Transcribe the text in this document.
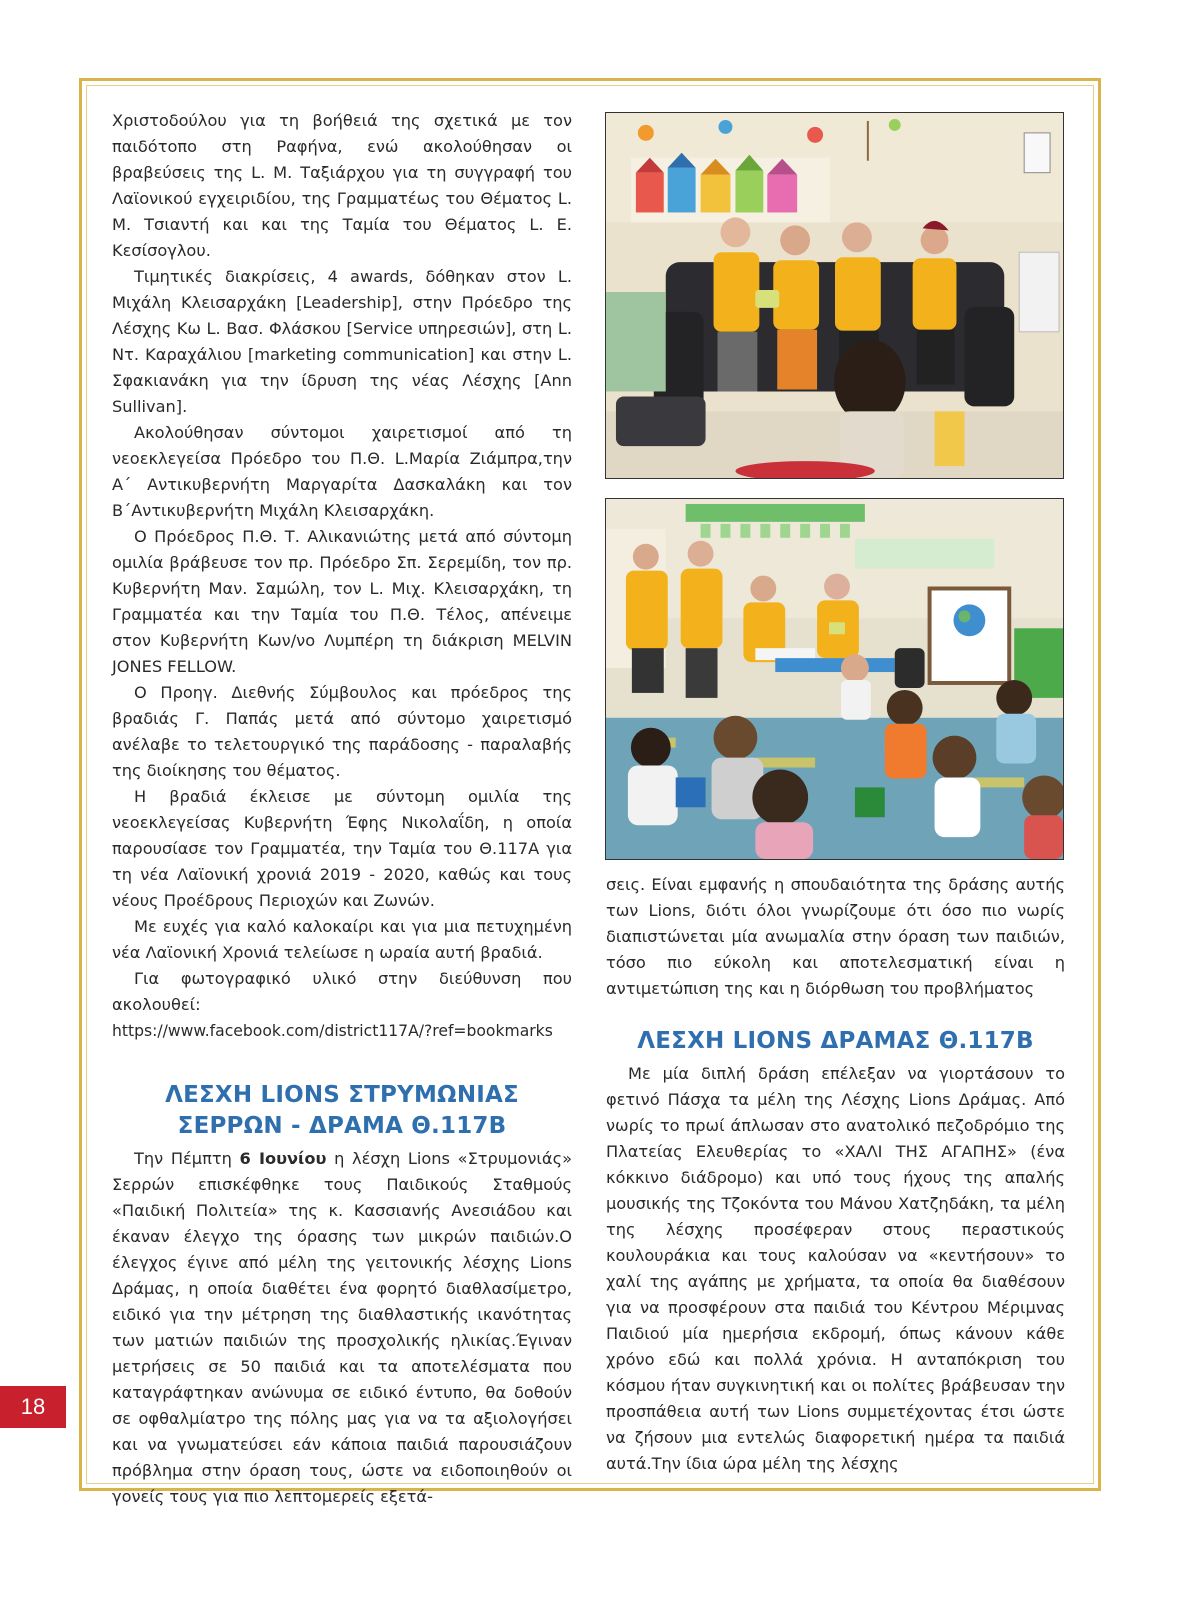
Χριστοδούλου για τη βοήθειά της σχετικά με τον παιδότοπο στη Ραφήνα, ενώ ακολούθησαν οι βραβεύσεις της L. M. Ταξιάρχου για τη συγγραφή του Λαϊονικού εγχειριδίου, της Γραμματέως του Θέματος L. M. Τσιαντή και και της Ταμία του Θέματος L. E. Κεσίσογλου.

Τιμητικές διακρίσεις, 4 awards, δόθηκαν στον L. Μιχάλη Κλεισαρχάκη [Leadership], στην Πρόεδρο της Λέσχης Κω L. Βασ. Φλάσκου [Service υπηρεσιών], στη L. Ντ. Καραχάλιου [marketing communication] και στην L. Σφακιανάκη για την ίδρυση της νέας Λέσχης [Ann Sullivan].

Ακολούθησαν σύντομοι χαιρετισμοί από τη νεοεκλεγείσα Πρόεδρο του Π.Θ. L.Μαρία Ζιάμπρα,την Α΄ Αντικυβερνήτη Μαργαρίτα Δασκαλάκη και τον Β΄Αντικυβερνήτη Μιχάλη Κλεισαρχάκη.

Ο Πρόεδρος Π.Θ. Τ. Αλικανιώτης μετά από σύντομη ομιλία βράβευσε τον πρ. Πρόεδρο Σπ. Σερεμίδη, τον πρ. Κυβερνήτη Μαν. Σαμώλη, τον L. Μιχ. Κλεισαρχάκη, τη Γραμματέα και την Ταμία του Π.Θ. Τέλος, απένειμε στον Κυβερνήτη Κων/νο Λυμπέρη τη διάκριση MELVIN JONES FELLOW.

Ο Προηγ. Διεθνής Σύμβουλος και πρόεδρος της βραδιάς Γ. Παπάς μετά από σύντομο χαιρετισμό ανέλαβε το τελετουργικό της παράδοσης - παραλαβής της διοίκησης του θέματος.

Η βραδιά έκλεισε με σύντομη ομιλία της νεοεκλεγείσας Κυβερνήτη Έφης Νικολαΐδη, η οποία παρουσίασε τον Γραμματέα, την Ταμία του Θ.117Α για τη νέα Λαϊονική χρονιά 2019 - 2020, καθώς και τους νέους Προέδρους Περιοχών και Ζωνών.

Με ευχές για καλό καλοκαίρι και για μια πετυχημένη νέα Λαϊονική Χρονιά τελείωσε η ωραία αυτή βραδιά.

Για φωτογραφικό υλικό στην διεύθυνση που ακολουθεί:

https://www.facebook.com/district117A/?ref=bookmarks

ΛΕΣΧΗ LIONS ΣΤΡΥΜΩΝΙΑΣ ΣΕΡΡΩΝ - ΔΡΑΜΑ Θ.117Β

Την Πέμπτη 6 Ιουνίου η λέσχη Lions «Στρυμονιάς» Σερρών επισκέφθηκε τους Παιδικούς Σταθμούς «Παιδική Πολιτεία» της κ. Κασσιανής Ανεσιάδου και έκαναν έλεγχο της όρασης των μικρών παιδιών.Ο έλεγχος έγινε από μέλη της γειτονικής λέσχης Lions Δράμας, η οποία διαθέτει ένα φορητό διαθλασίμετρο, ειδικό για την μέτρηση της διαθλαστικής ικανότητας των ματιών παιδιών της προσχολικής ηλικίας.Έγιναν μετρήσεις σε 50 παιδιά και τα αποτελέσματα που καταγράφτηκαν ανώνυμα σε ειδικό έντυπο, θα δοθούν σε οφθαλμίατρο της πόλης μας για να τα αξιολογήσει και να γνωματεύσει εάν κάποια παιδιά παρουσιάζουν πρόβλημα στην όραση τους, ώστε να ειδοποιηθούν οι γονείς τους για πιο λεπτομερείς εξετά-

σεις. Είναι εμφανής η σπουδαιότητα της δράσης αυτής των Lions, διότι όλοι γνωρίζουμε ότι όσο πιο νωρίς διαπιστώνεται μία ανωμαλία στην όραση των παιδιών, τόσο πιο εύκολη και αποτελεσματική είναι η αντιμετώπιση της και η διόρθωση του προβλήματος

ΛΕΣΧΗ LIONS ΔΡΑΜΑΣ Θ.117Β

Με μία διπλή δράση επέλεξαν να γιορτάσουν το φετινό Πάσχα τα μέλη της Λέσχης Lions Δράμας. Από νωρίς το πρωί άπλωσαν στο ανατολικό πεζοδρόμιο της Πλατείας Ελευθερίας το «ΧΑΛΙ ΤΗΣ ΑΓΑΠΗΣ» (ένα κόκκινο διάδρομο) και υπό τους ήχους της απαλής μουσικής της Τζοκόντα του Μάνου Χατζηδάκη, τα μέλη της λέσχης προσέφεραν στους περαστικούς κουλουράκια και τους καλούσαν να «κεντήσουν» το χαλί της αγάπης με χρήματα, τα οποία θα διαθέσουν για να προσφέρουν στα παιδιά του Κέντρου Μέριμνας Παιδιού μία ημερήσια εκδρομή, όπως κάνουν κάθε χρόνο εδώ και πολλά χρόνια. Η ανταπόκριση του κόσμου ήταν συγκινητική και οι πολίτες βράβευσαν την προσπάθεια αυτή των Lions συμμετέχοντας έτσι ώστε να ζήσουν μια εντελώς διαφορετική ημέρα τα παιδιά αυτά.Την ίδια ώρα μέλη της λέσχης

18
